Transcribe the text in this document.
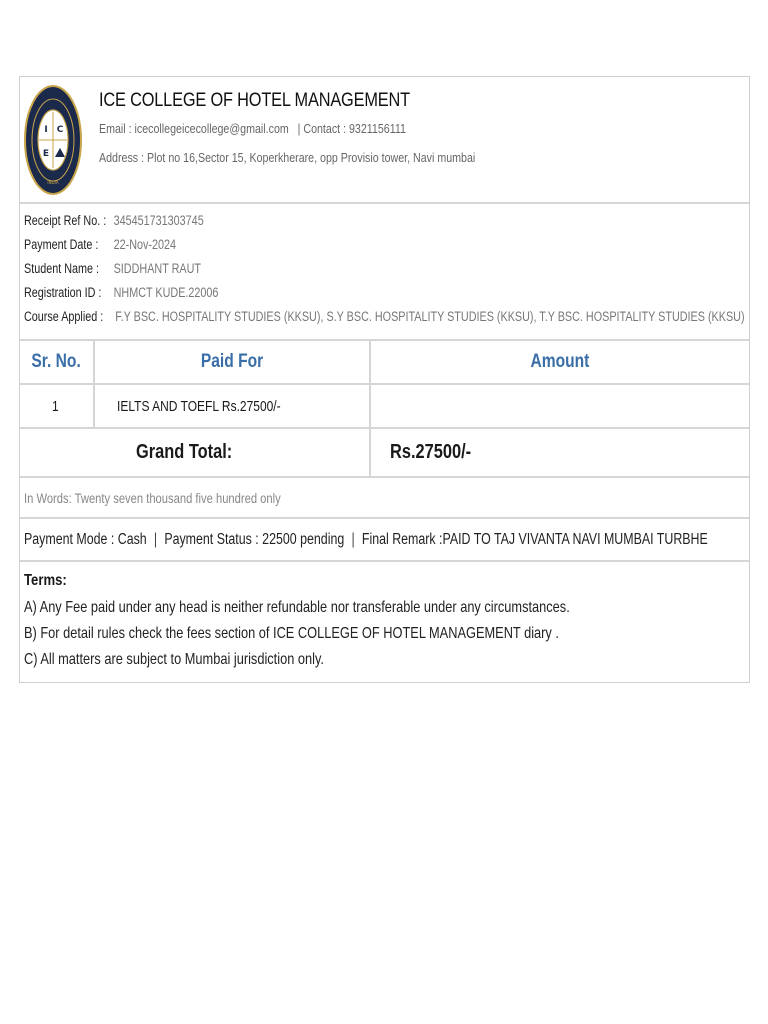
I C
E
INDIA
ICE COLLEGE OF HOTEL MANAGEMENT
Email : icecollegeicecollege@gmail.com | Contact : 9321156111
Address : Plot no 16,Sector 15, Koperkherare, opp Provisio tower, Navi mumbai
Receipt Ref No. : 345451731303745
Payment Date : 22-Nov-2024
Student Name : SIDDHANT RAUT
Registration ID : NHMCT KUDE.22006
Course Applied : F.Y BSC. HOSPITALITY STUDIES (KKSU), S.Y BSC. HOSPITALITY STUDIES (KKSU), T.Y BSC. HOSPITALITY STUDIES (KKSU)
Sr. No.	Paid For	Amount
1	IELTS AND TOEFL Rs.27500/-
Grand Total:	Rs.27500/-
In Words: Twenty seven thousand five hundred only
Payment Mode : Cash | Payment Status : 22500 pending | Final Remark :PAID TO TAJ VIVANTA NAVI MUMBAI TURBHE
Terms:
A) Any Fee paid under any head is neither refundable nor transferable under any circumstances.
B) For detail rules check the fees section of ICE COLLEGE OF HOTEL MANAGEMENT diary .
C) All matters are subject to Mumbai jurisdiction only.
